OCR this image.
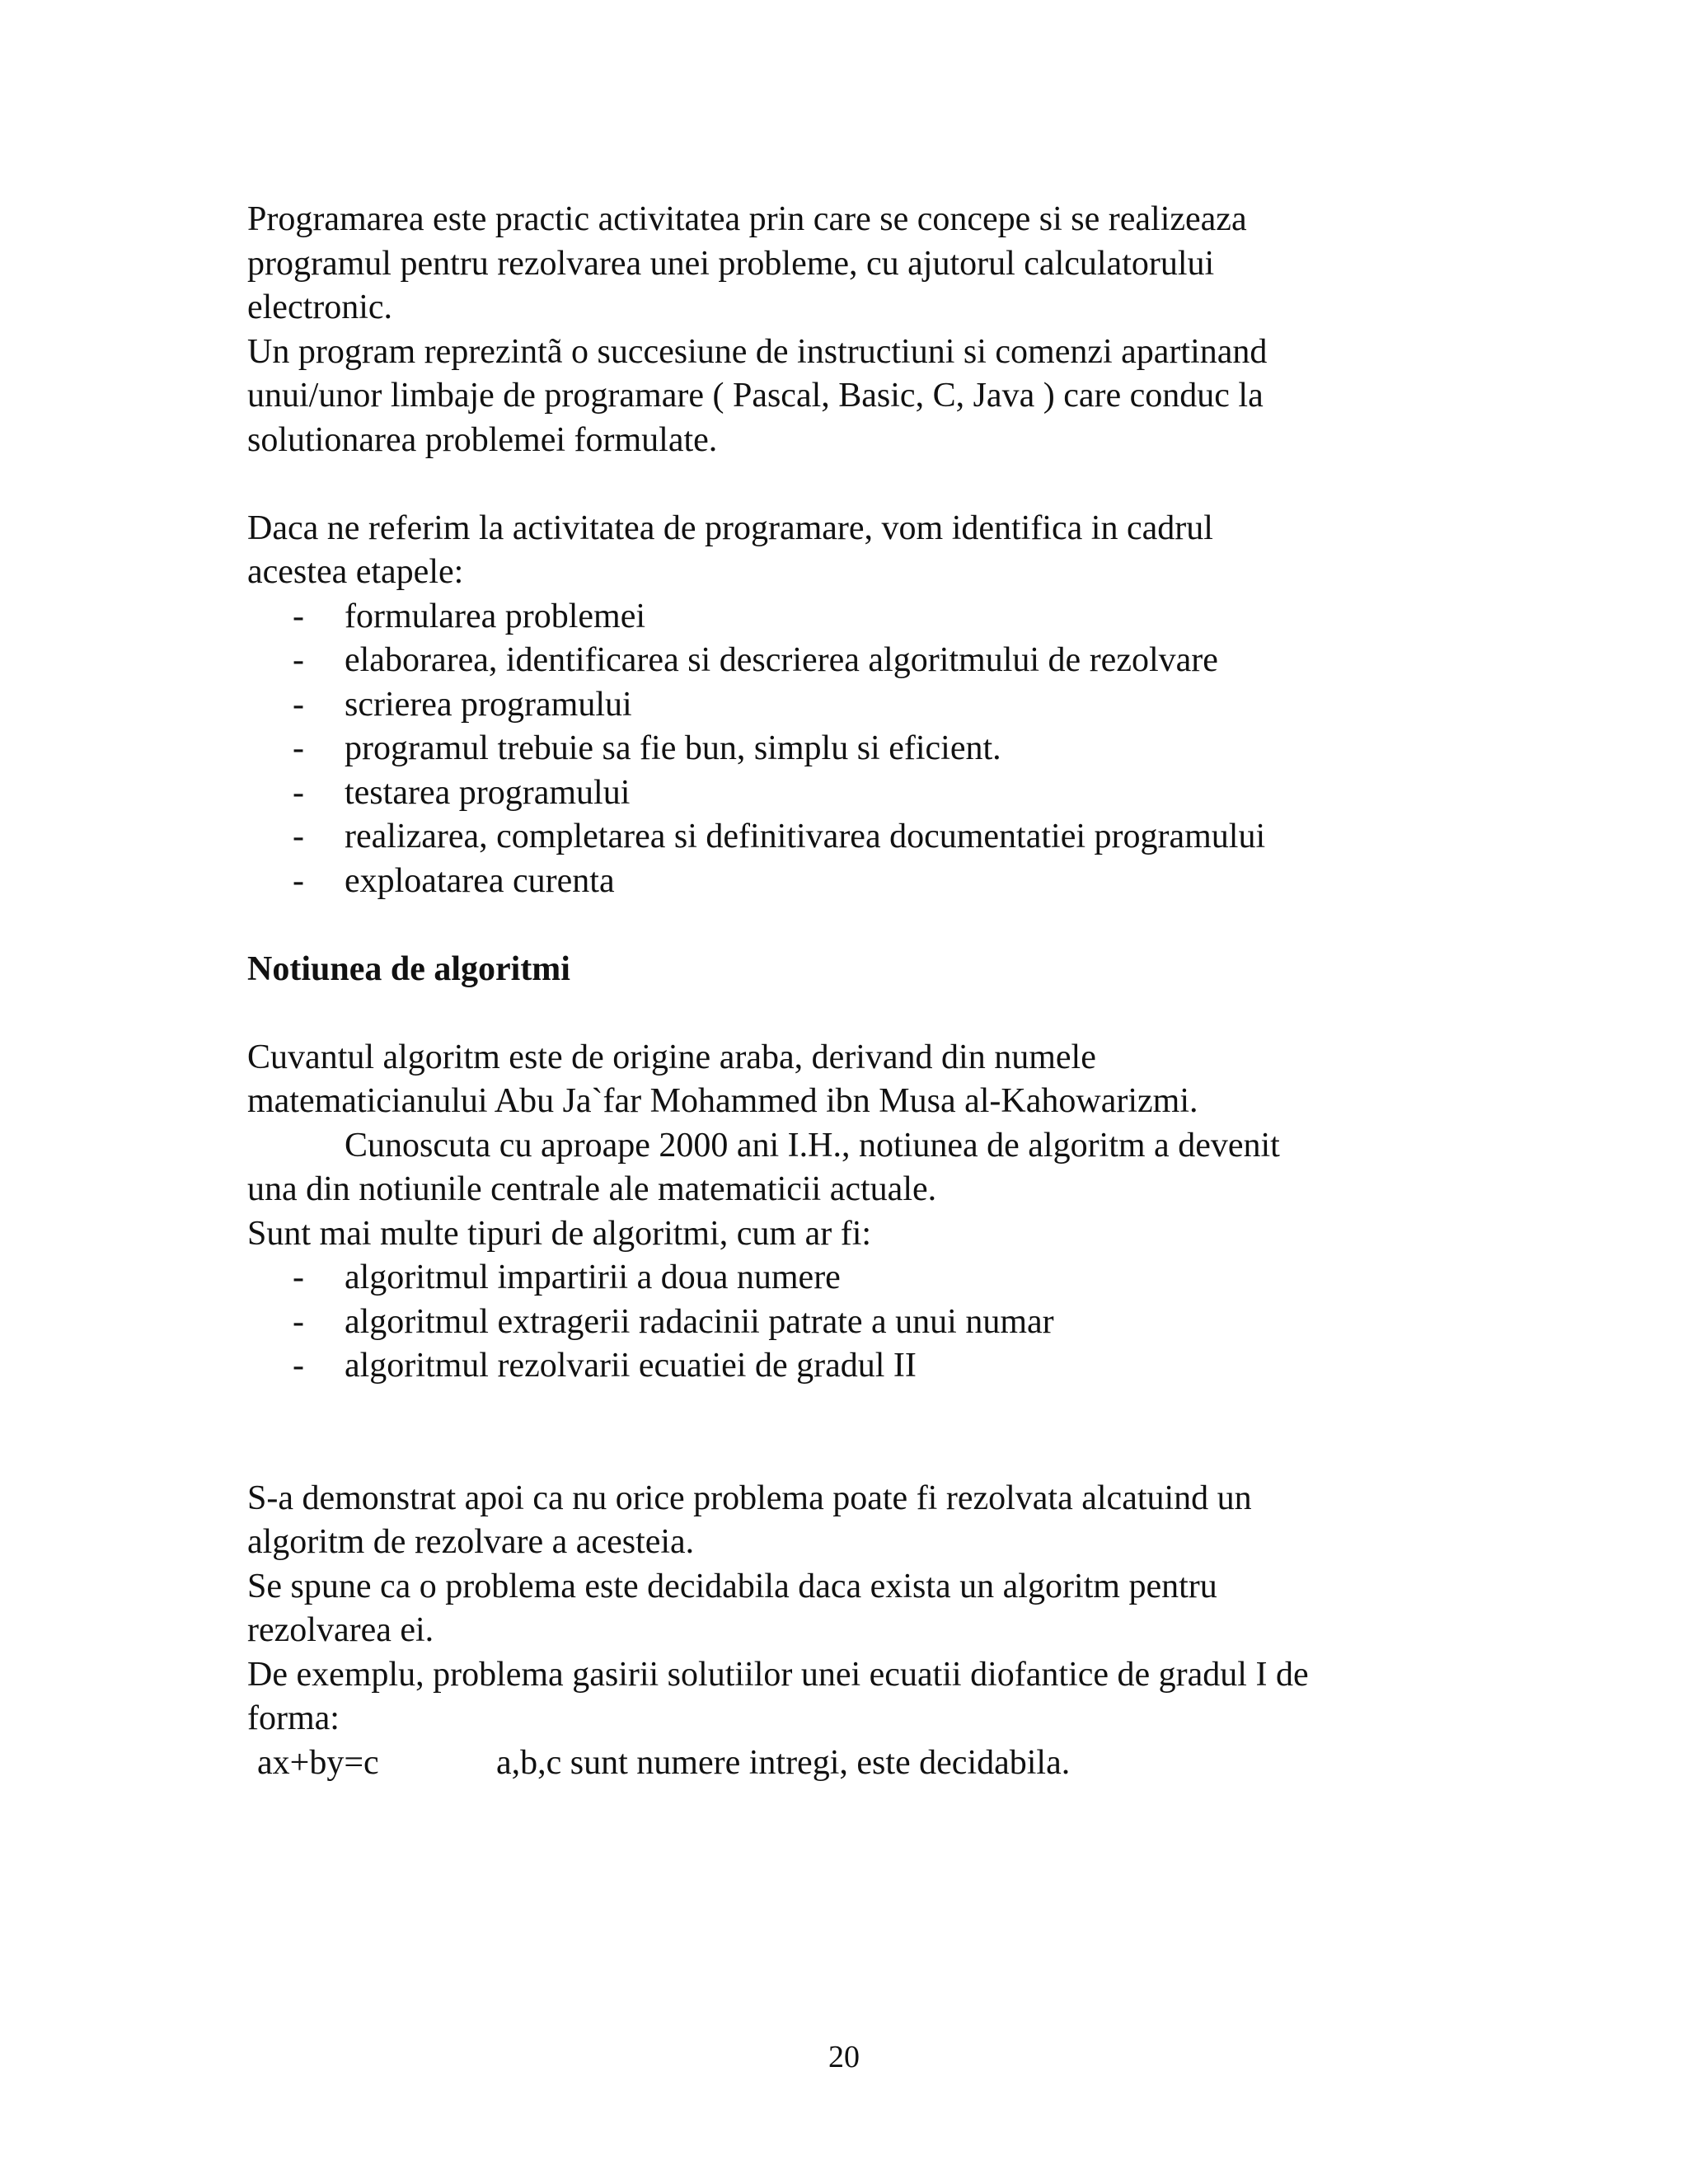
Programarea este practic activitatea prin care se concepe si se realizeaza
programul pentru rezolvarea unei probleme, cu ajutorul calculatorului
electronic.
Un program reprezintã o succesiune de instructiuni si comenzi apartinand
unui/unor limbaje de programare ( Pascal, Basic, C, Java ) care conduc la
solutionarea problemei formulate.
Daca ne referim la activitatea de programare, vom identifica in cadrul
acestea etapele:
- formularea problemei
- elaborarea, identificarea si descrierea algoritmului de rezolvare
- scrierea programului
- programul trebuie sa fie bun, simplu si eficient.
- testarea programului
- realizarea, completarea si definitivarea documentatiei programului
- exploatarea curenta
Notiunea de algoritmi
Cuvantul algoritm este de origine araba, derivand din numele
matematicianului Abu Ja`far Mohammed ibn Musa al-Kahowarizmi.
Cunoscuta cu aproape 2000 ani I.H., notiunea de algoritm a devenit
una din notiunile centrale ale matematicii actuale.
Sunt mai multe tipuri de algoritmi, cum ar fi:
- algoritmul impartirii a doua numere
- algoritmul extragerii radacinii patrate a unui numar
- algoritmul rezolvarii ecuatiei de gradul II
S-a demonstrat apoi ca nu orice problema poate fi rezolvata alcatuind un
algoritm de rezolvare a acesteia.
Se spune ca o problema este decidabila daca exista un algoritm pentru
rezolvarea ei.
De exemplu, problema gasirii solutiilor unei ecuatii diofantice de gradul I de
forma:
ax+by=c	a,b,c sunt numere intregi, este decidabila.
20
